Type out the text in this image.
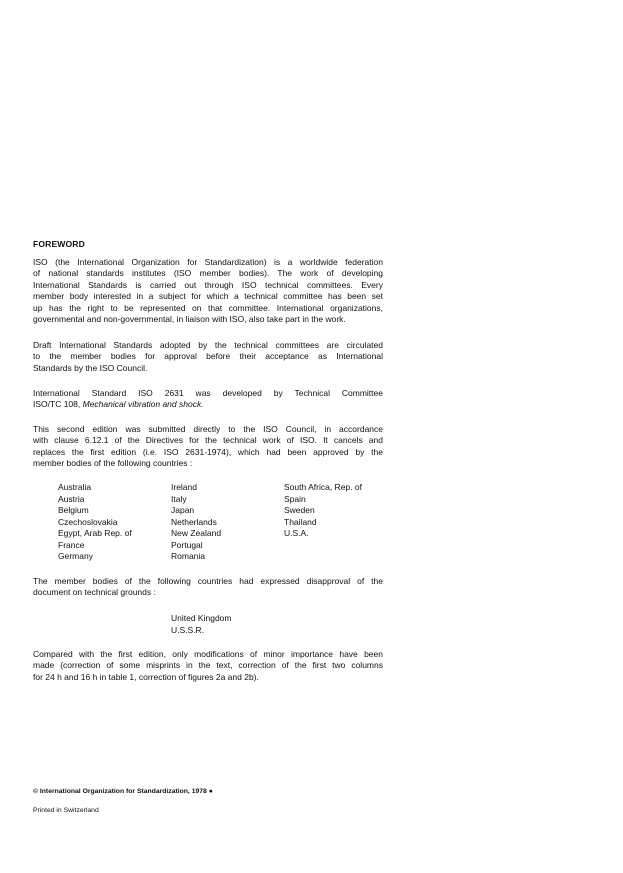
FOREWORD
ISO (the International Organization for Standardization) is a worldwide federation
of national standards institutes (ISO member bodies). The work of developing
International Standards is carried out through ISO technical committees. Every
member body interested in a subject for which a technical committee has been set
up has the right to be represented on that committee. International organizations,
governmental and non-governmental, in liaison with ISO, also take part in the work.
Draft International Standards adopted by the technical committees are circulated
to the member bodies for approval before their acceptance as International
Standards by the ISO Council.
International Standard ISO 2631 was developed by Technical Committee
ISO/TC 108, Mechanical vibration and shock.
This second edition was submitted directly to the ISO Council, in accordance
with clause 6.12.1 of the Directives for the technical work of ISO. It cancels and
replaces the first edition (i.e. ISO 2631-1974), which had been approved by the
member bodies of the following countries :
Australia
Austria
Belgium
Czechoslovakia
Egypt, Arab Rep. of
France
Germany
Ireland
Italy
Japan
Netherlands
New Zealand
Portugal
Romania
South Africa, Rep. of
Spain
Sweden
Thailand
U.S.A.
The member bodies of the following countries had expressed disapproval of the
document on technical grounds :
United Kingdom
U.S.S.R.
Compared with the first edition, only modifications of minor importance have been
made (correction of some misprints in the text, correction of the first two columns
for 24 h and 16 h in table 1, correction of figures 2a and 2b).
© International Organization for Standardization, 1978 ●
Printed in Switzerland
